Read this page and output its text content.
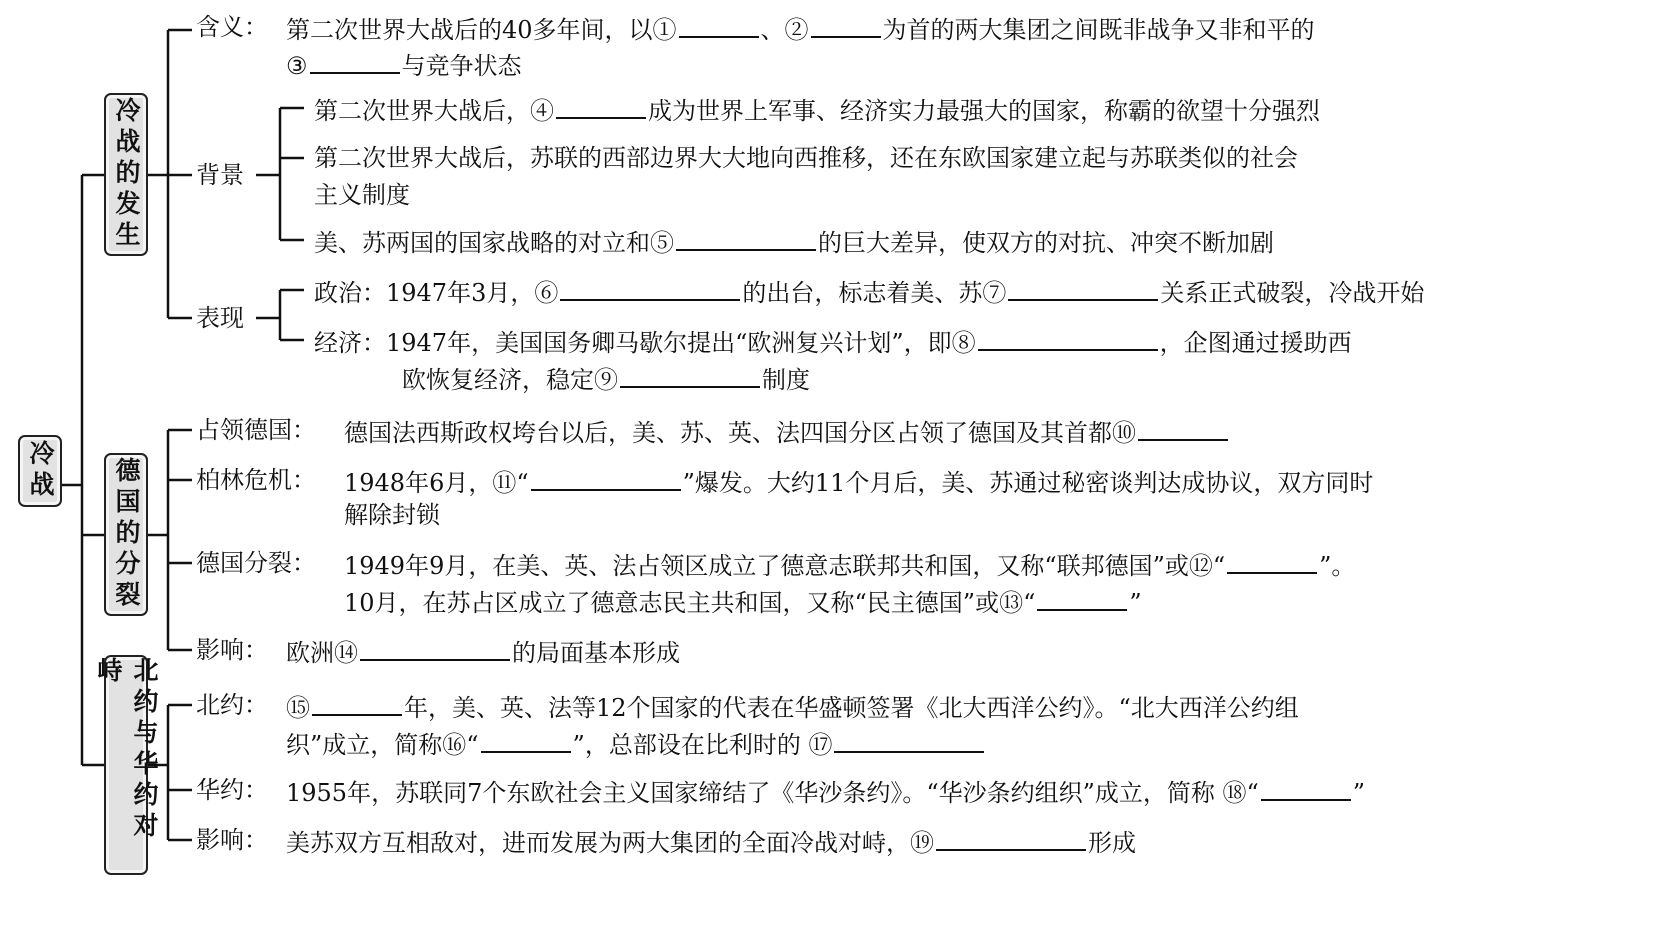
冷战
冷战的发生
德国的分裂
北约与华约对峙
含义：
背景
表现
占领德国：
柏林危机：
德国分裂：
影响：
北约：
华约：
影响：
第二次世界大战后的40多年间，以①	、②	为首的两大集团之间既非战争又非和平的
③	与竞争状态
第二次世界大战后，④	成为世界上军事、经济实力最强大的国家，称霸的欲望十分强烈
第二次世界大战后，苏联的西部边界大大地向西推移，还在东欧国家建立起与苏联类似的社会
主义制度
美、苏两国的国家战略的对立和⑤	的巨大差异，使双方的对抗、冲突不断加剧
政治：1947年3月，⑥	的出台，标志着美、苏⑦	关系正式破裂，冷战开始
经济：1947年，美国国务卿马歇尔提出“欧洲复兴计划”，即⑧	，企图通过援助西
欧恢复经济，稳定⑨	制度
德国法西斯政权垮台以后，美、苏、英、法四国分区占领了德国及其首都⑩
1948年6月，⑪“	”爆发。大约11个月后，美、苏通过秘密谈判达成协议，双方同时
解除封锁
1949年9月，在美、英、法占领区成立了德意志联邦共和国，又称“联邦德国”或⑫“	”。
10月，在苏占区成立了德意志民主共和国，又称“民主德国”或⑬“	”
欧洲⑭	的局面基本形成
⑮	年，美、英、法等12个国家的代表在华盛顿签署《北大西洋公约》。“北大西洋公约组
织”成立，简称⑯“	”，总部设在比利时的 ⑰
1955年，苏联同7个东欧社会主义国家缔结了《华沙条约》。“华沙条约组织”成立，简称 ⑱“	”
美苏双方互相敌对，进而发展为两大集团的全面冷战对峙，⑲	形成
